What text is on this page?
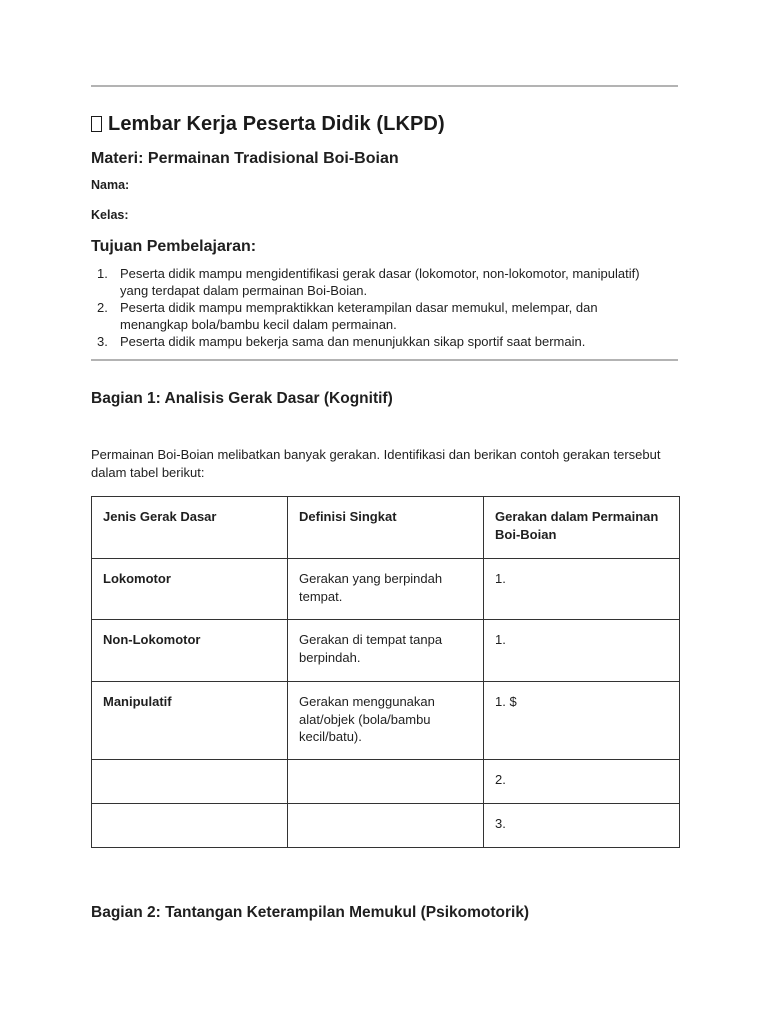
Lembar Kerja Peserta Didik (LKPD)
Materi: Permainan Tradisional Boi-Boian
Nama:
Kelas:
Tujuan Pembelajaran:
1. Peserta didik mampu mengidentifikasi gerak dasar (lokomotor, non-lokomotor, manipulatif) yang terdapat dalam permainan Boi-Boian.
2. Peserta didik mampu mempraktikkan keterampilan dasar memukul, melempar, dan menangkap bola/bambu kecil dalam permainan.
3. Peserta didik mampu bekerja sama dan menunjukkan sikap sportif saat bermain.
Bagian 1: Analisis Gerak Dasar (Kognitif)

Permainan Boi-Boian melibatkan banyak gerakan. Identifikasi dan berikan contoh gerakan tersebut dalam tabel berikut:

Jenis Gerak Dasar	Definisi Singkat	Gerakan dalam Permainan Boi-Boian
Lokomotor	Gerakan yang berpindah tempat.	1.
Non-Lokomotor	Gerakan di tempat tanpa berpindah.	1.
Manipulatif	Gerakan menggunakan alat/objek (bola/bambu kecil/batu).	1. $
		2.
		3.
Bagian 2: Tantangan Keterampilan Memukul (Psikomotorik)
